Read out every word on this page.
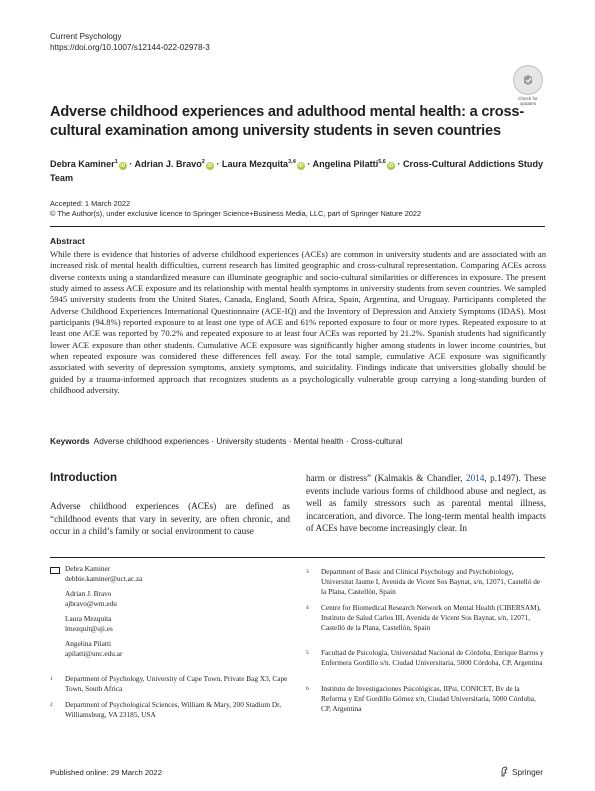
Current Psychology
https://doi.org/10.1007/s12144-022-02978-3
Check for
updates
Adverse childhood experiences and adulthood mental health: a cross-cultural examination among university students in seven countries
Debra Kaminer$^1$iD · Adrian J. Bravo$^2$iD · Laura Mezquita$^{3,4}$iD · Angelina Pilatti$^{5,6}$iD · Cross-Cultural Addictions Study Team
Accepted: 1 March 2022
© The Author(s), under exclusive licence to Springer Science+Business Media, LLC, part of Springer Nature 2022
Abstract
While there is evidence that histories of adverse childhood experiences (ACEs) are common in university students and are associated with an increased risk of mental health difficulties, current research has limited geographic and cross-cultural representation. Comparing ACEs across diverse contexts using a standardized measure can illuminate geographic and socio-cultural similarities or differences in exposure. The present study aimed to assess ACE exposure and its relationship with mental health symptoms in university students from seven countries. We sampled 5945 university students from the United States, Canada, England, South Africa, Spain, Argentina, and Uruguay. Participants completed the Adverse Childhood Experiences International Questionnaire (ACE-IQ) and the Inventory of Depression and Anxiety Symptoms (IDAS). Most participants (94.8%) reported exposure to at least one type of ACE and 61% reported exposure to four or more types. Repeated exposure to at least one ACE was reported by 70.2% and repeated exposure to at least four ACEs was reported by 21.2%. Spanish students had significantly lower ACE exposure than other students. Cumulative ACE exposure was significantly higher among students in lower income countries, but when repeated exposure was considered these differences fell away. For the total sample, cumulative ACE exposure was significantly associated with severity of depression symptoms, anxiety symptoms, and suicidality. Findings indicate that universities globally should be guided by a trauma-informed approach that recognizes students as a psychologically vulnerable group carrying a long-standing burden of childhood adversity.
Keywords Adverse childhood experiences · University students · Mental health · Cross-cultural
Introduction
Adverse childhood experiences (ACEs) are defined as “childhood events that vary in severity, are often chronic, and occur in a child’s family or social environment to cause
harm or distress” (Kalmakis & Chandler, 2014, p.1497). These events include various forms of childhood abuse and neglect, as well as family stressors such as parental mental illness, incarceration, and divorce. The long-term mental health impacts of ACEs have become increasingly clear. In
Debra Kaminer
debbie.kaminer@uct.ac.za
Adrian J. Bravo
ajbravo@wm.edu
Laura Mezquita
lmezquit@uji.es
Angelina Pilatti
apilatti@unc.edu.ar
1 Department of Psychology, University of Cape Town, Private Bag X3, Cape Town, South Africa
2 Department of Psychological Sciences, William & Mary, 200 Stadium Dr, Williamsburg, VA 23185, USA
3 Department of Basic and Clinical Psychology and Psychobiology, Universitat Jaume I, Avenida de Vicent Sos Baynat, s/n, 12071, Castelló de la Plana, Castellón, Spain
4 Centre for Biomedical Research Network on Mental Health (CIBERSAM), Instituto de Salud Carlos III, Avenida de Vicent Sos Baynat, s/n, 12071, Castelló de la Plana, Castellón, Spain
5 Facultad de Psicología, Universidad Nacional de Córdoba, Enrique Barros y Enfermera Gordillo s/n. Ciudad Universitaria, 5000 Córdoba, CP, Argentina
6 Instituto de Investigaciones Psicológicas, IIPsi, CONICET, Bv de la Reforma y Enf Gordillo Gómez s/n, Ciudad Universitaria, 5000 Córdoba, CP, Argentina
Published online: 29 March 2022	Springer
